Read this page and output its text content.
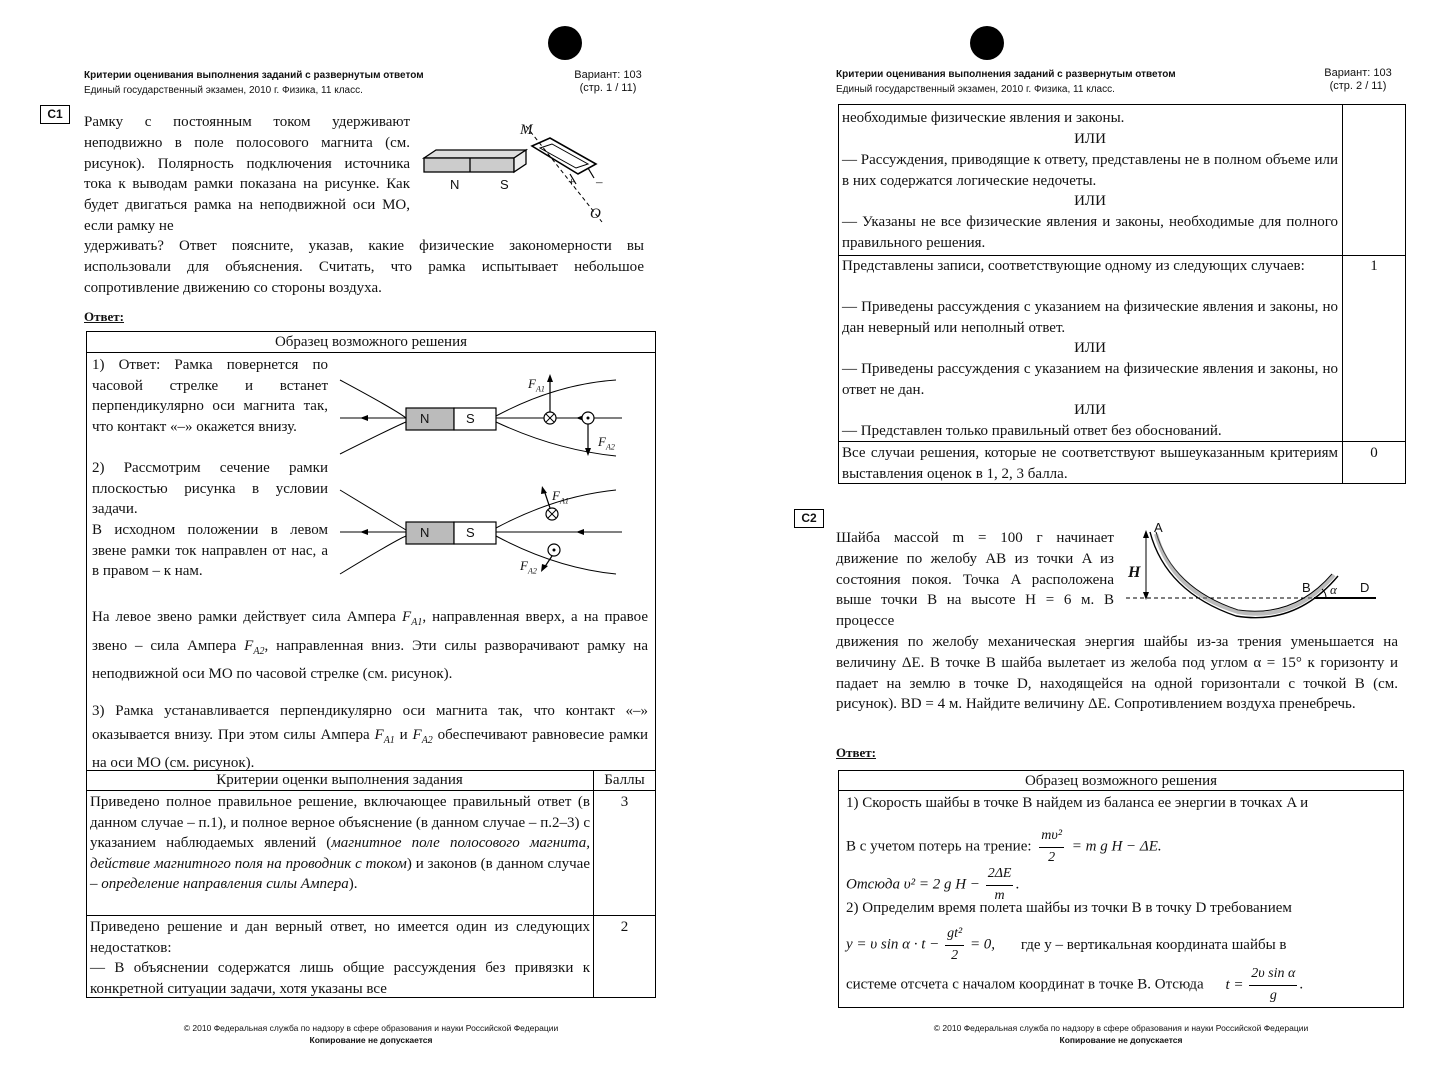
Критерии оценивания выполнения заданий с развернутым ответом
Единый государственный экзамен, 2010 г. Физика, 11 класс.
Вариант: 103
(стр. 1 / 11)
C1	Рамку с постоянным током удерживают неподвижно в поле полосового магнита (см. рисунок). Полярность подключения источника тока к выводам рамки показана на рисунке. Как будет двигаться рамка на неподвижной оси MO, если рамку не
удерживать? Ответ поясните, указав, какие физические закономерности вы использовали для объяснения. Считать, что рамка испытывает небольшое сопротивление движению со стороны воздуха.
M
O
N	S	+ –
Ответ:
Образец возможного решения
1) Ответ: Рамка повернется по часовой стрелке и встанет перпендикулярно оси магнита так, что контакт «–» окажется внизу.
2) Рассмотрим сечение рамки плоскостью рисунка в условии задачи.
В исходном положении в левом звене рамки ток направлен от нас, а в правом – к нам.
N	S
$F_{A1}$
$F_{A2}$
N	S
$F_{A1}$
$F_{A2}$
На левое звено рамки действует сила Ампера $F_{A1}$, направленная вверх, а на правое звено – сила Ампера $F_{A2}$, направленная вниз. Эти силы разворачивают рамку на неподвижной оси MO по часовой стрелке (см. рисунок).
3) Рамка устанавливается перпендикулярно оси магнита так, что контакт «–» оказывается внизу. При этом силы Ампера $F_{A1}$ и $F_{A2}$ обеспечивают равновесие рамки на оси MO (см. рисунок).
Критерии оценки выполнения задания	Баллы
Приведено полное правильное решение, включающее правильный ответ (в данном случае – п.1), и полное верное объяснение (в данном случае – п.2–3) с указанием наблюдаемых явлений (магнитное поле полосового магнита, действие магнитного поля на проводник с током) и законов (в данном случае – определение направления силы Ампера).
3
Приведено решение и дан верный ответ, но имеется один из следующих недостатков:
— В объяснении содержатся лишь общие рассуждения без привязки к конкретной ситуации задачи, хотя указаны все
2
© 2010 Федеральная служба по надзору в сфере образования и науки Российской Федерации
Копирование не допускается
Критерии оценивания выполнения заданий с развернутым ответом
Единый государственный экзамен, 2010 г. Физика, 11 класс.
Вариант: 103
(стр. 2 / 11)
необходимые физические явления и законы.
ИЛИ
— Рассуждения, приводящие к ответу, представлены не в полном объеме или в них содержатся логические недочеты.
ИЛИ
— Указаны не все физические явления и законы, необходимые для полного правильного решения.
Представлены записи, соответствующие одному из следующих случаев:
— Приведены рассуждения с указанием на физические явления и законы, но дан неверный или неполный ответ.
ИЛИ
— Приведены рассуждения с указанием на физические явления и законы, но ответ не дан.
ИЛИ
— Представлен только правильный ответ без обоснований.
1
Все случаи решения, которые не соответствуют вышеуказанным критериям выставления оценок в 1, 2, 3 балла.
0
C2
Шайба массой m = 100 г начинает движение по желобу AB из точки A из состояния покоя. Точка A расположена выше точки B на высоте H = 6 м. В процессе
движения по желобу механическая энергия шайбы из-за трения уменьшается на величину ΔE. В точке B шайба вылетает из желоба под углом α = 15° к горизонту и падает на землю в точке D, находящейся на одной горизонтали с точкой B (см. рисунок). BD = 4 м. Найдите величину ΔE. Сопротивлением воздуха пренебречь.
A
H
B	D
α
Ответ:
Образец возможного решения
1) Скорость шайбы в точке B найдем из баланса ее энергии в точках A и
B с учетом потерь на трение: $\frac{\text{mυ²}}{2} = m$ g H − ΔE.
Отсюда υ² = 2 g $H - \frac{2\Delta E}{m}$ .
2) Определим время полета шайбы из точки B в точку D требованием
y = υ $\sin \alpha \cdot t - \frac{\text{gt²}}{2} = 0$, где y – вертикальная координата шайбы в
системе отсчета с началом координат в точке B. Отсюда $t = \frac{\text{2υ sin α}}{g}$ .
© 2010 Федеральная служба по надзору в сфере образования и науки Российской Федерации
Копирование не допускается
